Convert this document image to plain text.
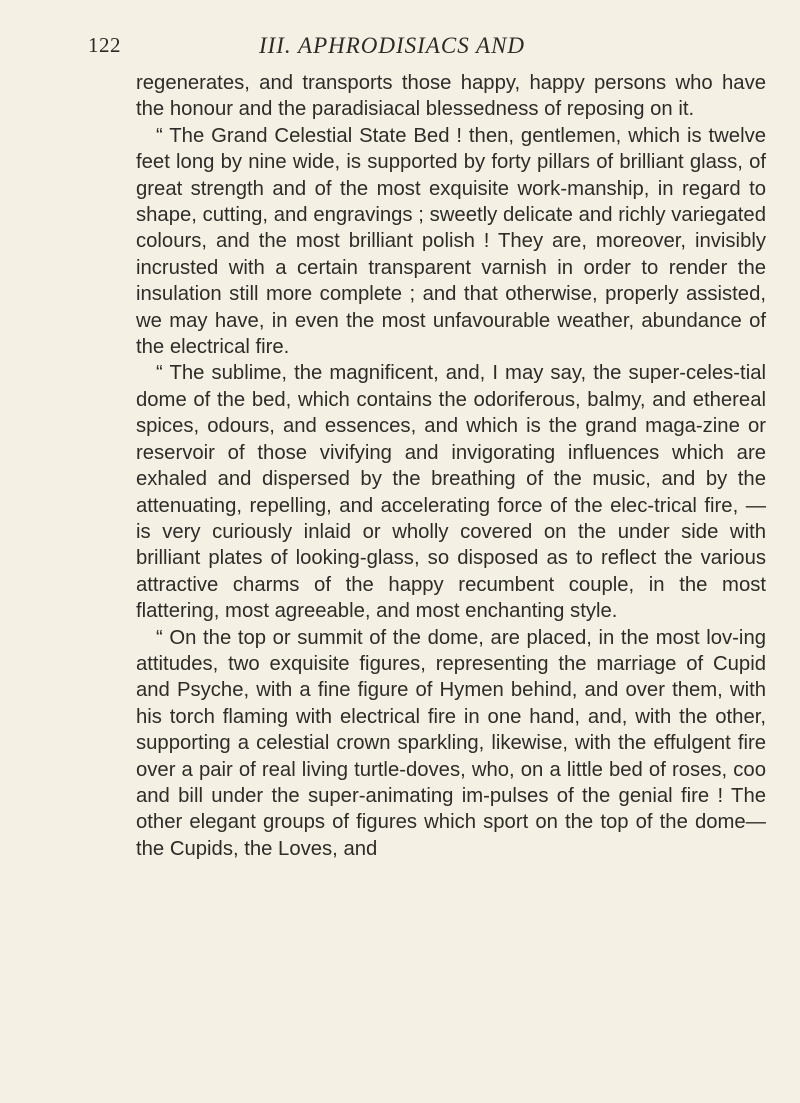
122	III. APHRODISIACS AND

regenerates, and transports those happy, happy persons who have the honour and the paradisiacal blessedness of reposing on it.

“ The Grand Celestial State Bed ! then, gentlemen, which is twelve feet long by nine wide, is supported by forty pillars of brilliant glass, of great strength and of the most exquisite work-manship, in regard to shape, cutting, and engravings ; sweetly delicate and richly variegated colours, and the most brilliant polish ! They are, moreover, invisibly incrusted with a certain transparent varnish in order to render the insulation still more complete ; and that otherwise, properly assisted, we may have, in even the most unfavourable weather, abundance of the electrical fire.

“ The sublime, the magnificent, and, I may say, the super-celes-tial dome of the bed, which contains the odoriferous, balmy, and ethereal spices, odours, and essences, and which is the grand maga-zine or reservoir of those vivifying and invigorating influences which are exhaled and dispersed by the breathing of the music, and by the attenuating, repelling, and accelerating force of the elec-trical fire, — is very curiously inlaid or wholly covered on the under side with brilliant plates of looking-glass, so disposed as to reflect the various attractive charms of the happy recumbent couple, in the most flattering, most agreeable, and most enchanting style.

“ On the top or summit of the dome, are placed, in the most lov-ing attitudes, two exquisite figures, representing the marriage of Cupid and Psyche, with a fine figure of Hymen behind, and over them, with his torch flaming with electrical fire in one hand, and, with the other, supporting a celestial crown sparkling, likewise, with the effulgent fire over a pair of real living turtle-doves, who, on a little bed of roses, coo and bill under the super-animating im-pulses of the genial fire ! The other elegant groups of figures which sport on the top of the dome—the Cupids, the Loves, and
